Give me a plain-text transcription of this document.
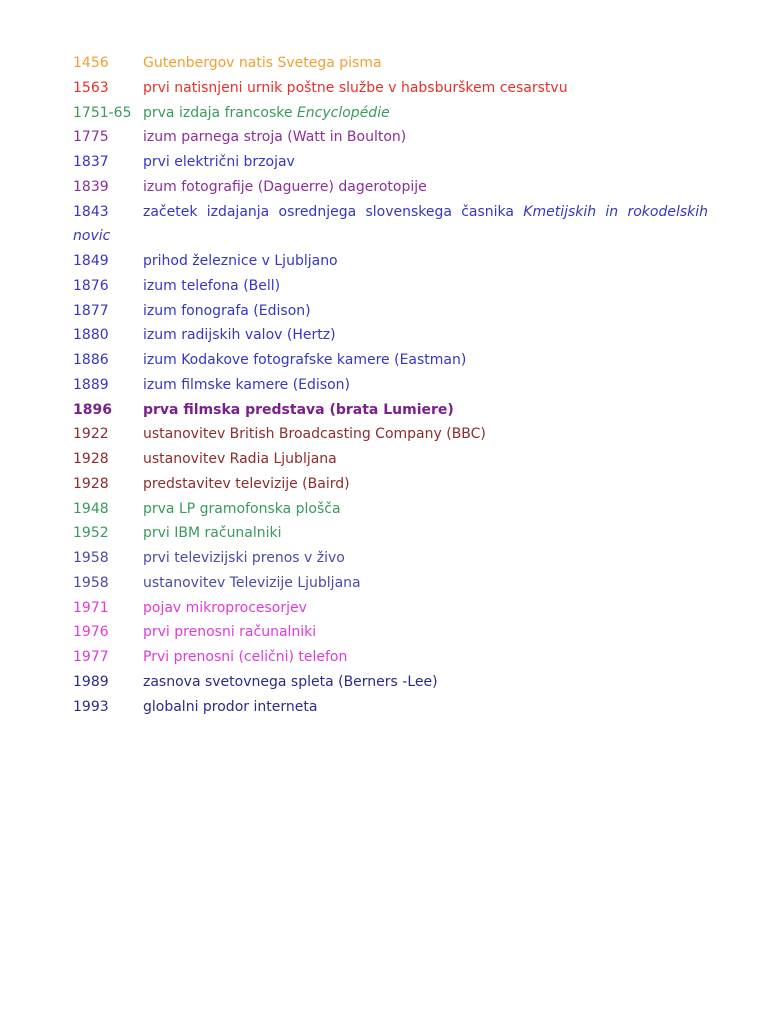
1456	Gutenbergov natis Svetega pisma
1563	prvi natisnjeni urnik poštne službe v habsburškem cesarstvu
1751-65 prva izdaja francoske Encyclopédie
1775	izum parnega stroja (Watt in Boulton)
1837	prvi električni brzojav
1839	izum fotografije (Daguerre) dagerotopije
1843	začetek izdajanja osrednjega slovenskega časnika Kmetijskih in rokodelskih
novic
1849	prihod železnice v Ljubljano
1876	izum telefona (Bell)
1877	izum fonografa (Edison)
1880	izum radijskih valov (Hertz)
1886	izum Kodakove fotografske kamere (Eastman)
1889	izum filmske kamere (Edison)
1896	prva filmska predstava (brata Lumiere)
1922	ustanovitev British Broadcasting Company (BBC)
1928	ustanovitev Radia Ljubljana
1928	predstavitev televizije (Baird)
1948	prva LP gramofonska plošča
1952	prvi IBM računalniki
1958	prvi televizijski prenos v živo
1958	ustanovitev Televizije Ljubljana
1971	pojav mikroprocesorjev
1976	prvi prenosni računalniki
1977	Prvi prenosni (celični) telefon
1989	zasnova svetovnega spleta (Berners -Lee)
1993	globalni prodor interneta
